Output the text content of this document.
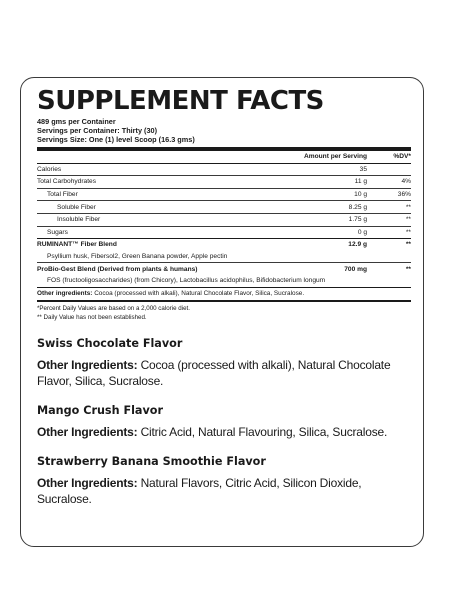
SUPPLEMENT FACTS
489 gms per Container
Servings per Container: Thirty (30)
Servings Size: One (1) level Scoop (16.3 gms)
	Amount per Serving	%DV*
Calories	35	
Total Carbohydrates	11 g	4%
Total Fiber	10 g	36%
Soluble Fiber	8.25 g	**
Insoluble Fiber	1.75 g	**
Sugars	0 g	**
RUMINANT™ Fiber Blend	12.9 g	**
Psyllium husk, Fibersol2, Green Banana powder, Apple pectin		
ProBio-Gest Blend (Derived from plants & humans)	700 mg	**
FOS (fructooligosaccharides) (from Chicory), Lactobacillus acidophilus, Bifidobacterium longum		
Other ingredients: Cocoa (processed with alkali), Natural Chocolate Flavor, Silica, Sucralose.
*Percent Daily Values are based on a 2,000 calorie diet.
** Daily Value has not been established.

Swiss Chocolate Flavor

Other Ingredients: Cocoa (processed with alkali), Natural Chocolate Flavor, Silica, Sucralose.

Mango Crush Flavor

Other Ingredients: Citric Acid, Natural Flavouring, Silica, Sucralose.

Strawberry Banana Smoothie Flavor

Other Ingredients: Natural Flavors, Citric Acid, Silicon Dioxide, Sucralose.
